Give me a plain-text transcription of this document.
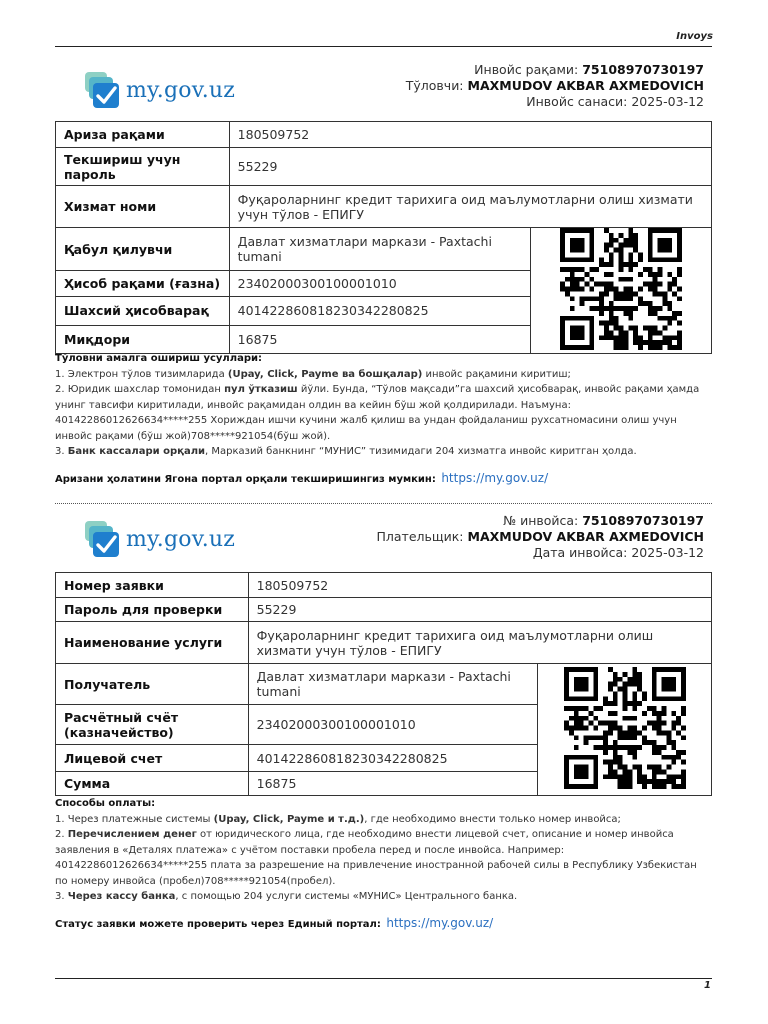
Invoys
my.gov.uz
Инвойс рақами: 75108970730197
Тўловчи: MAXMUDOV AKBAR AXMEDOVICH
Инвойс санаси: 2025-03-12
Ариза рақами	180509752	
Текшириш учун пароль	55229	
Хизмат номи	Фуқароларнинг кредит тарихига оид маълумотларни олиш хизмати учун тўлов - ЕПИГУ	
Қабул қилувчи	Давлат хизматлари маркази - Paxtachi tumani	
Ҳисоб рақами (ғазна)	23402000300100001010	
Шахсий ҳисобварақ	401422860818230342280825	
Миқдори	16875	
Тўловни амалга ошириш усуллари:
1. Электрон тўлов тизимларида (Upay, Click, Payme ва бошқалар) инвойс рақамини киритиш;
2. Юридик шахслар томонидан пул ўтказиш йўли. Бунда, “Тўлов мақсади”га шахсий ҳисобварақ, инвойс рақами ҳамда унинг тавсифи киритилади, инвойс рақамидан олдин ва кейин бўш жой қолдирилади. Наъмуна: 40142286012626634*****255 Хориждан ишчи кучини жалб қилиш ва ундан фойдаланиш рухсатномасини олиш учун инвойс рақами (бўш жой)708*****921054(бўш жой).
3. Банк кассалари орқали, Марказий банкнинг “МУНИС” тизимидаги 204 хизматга инвойс киритган ҳолда.
Аризани ҳолатини Ягона портал орқали текширишингиз мумкин: https://my.gov.uz/
my.gov.uz
№ инвойса: 75108970730197
Плательщик: MAXMUDOV AKBAR AXMEDOVICH
Дата инвойса: 2025-03-12
Номер заявки	180509752	
Пароль для проверки	55229	
Наименование услуги	Фуқароларнинг кредит тарихига оид маълумотларни олиш хизмати учун тўлов - ЕПИГУ	
Получатель	Давлат хизматлари маркази - Paxtachi tumani	
Расчётный счёт (казначейство)	23402000300100001010	
Лицевой счет	401422860818230342280825	
Сумма	16875	
Способы оплаты:
1. Через платежные системы (Upay, Click, Payme и т.д.), где необходимо внести только номер инвойса;
2. Перечислением денег от юридического лица, где необходимо внести лицевой счет, описание и номер инвойса заявления в «Деталях платежа» с учётом поставки пробела перед и после инвойса. Например: 40142286012626634*****255 плата за разрешение на привлечение иностранной рабочей силы в Республику Узбекистан по номеру инвойса (пробел)708*****921054(пробел).
3. Через кассу банка, с помощью 204 услуги системы «МУНИС» Центрального банка.
Статус заявки можете проверить через Единый портал: https://my.gov.uz/
1
